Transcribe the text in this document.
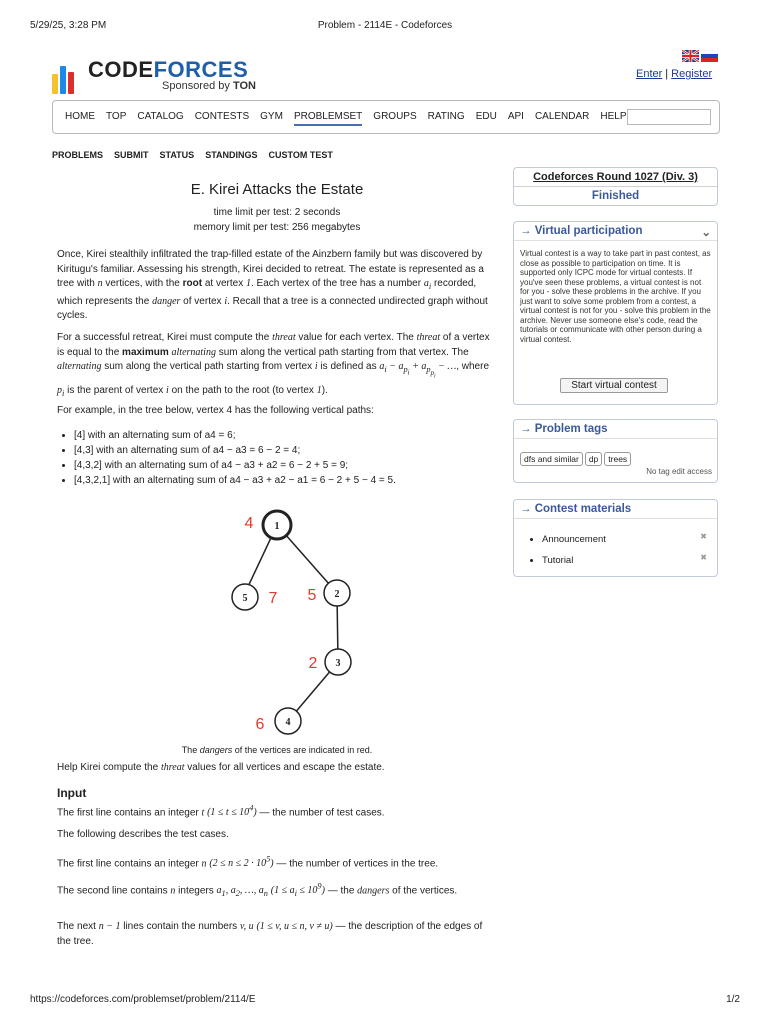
5/29/25, 3:28 PM	Problem - 2114E - Codeforces
CODEFORCES
Sponsored by TON
Enter | Register
HOME TOP CATALOG CONTESTS GYM PROBLEMSET GROUPS RATING EDU API CALENDAR HELP
PROBLEMS SUBMIT STATUS STANDINGS CUSTOM TEST
E. Kirei Attacks the Estate
time limit per test: 2 seconds
memory limit per test: 256 megabytes

Once, Kirei stealthily infiltrated the trap-filled estate of the Ainzbern family but was discovered by Kiritugu's familiar. Assessing his strength, Kirei decided to retreat. The estate is represented as a tree with n vertices, with the root at vertex 1. Each vertex of the tree has a number $a_i$ recorded, which represents the danger of vertex i. Recall that a tree is a connected undirected graph without cycles.

For a successful retreat, Kirei must compute the threat value for each vertex. The threat of a vertex is equal to the maximum alternating sum along the vertical path starting from that vertex. The alternating sum along the vertical path starting from vertex i is defined as $a_i - a_{p_i} + a_{p_{p_i}}$ − …, where $p_i$ is the parent of vertex i on the path to the root (to vertex 1).

For example, in the tree below, vertex 4 has the following vertical paths:
• [4] with an alternating sum of a4 = 6;
• [4,3] with an alternating sum of a4 − a3 = 6 − 2 = 4;
• [4,3,2] with an alternating sum of a4 − a3 + a2 = 6 − 2 + 5 = 9;
• [4,3,2,1] with an alternating sum of a4 − a3 + a2 − a1 = 6 − 2 + 5 − 4 = 5.
1
5	2
3
4
4
7 5
2
6
The dangers of the vertices are indicated in red.
Help Kirei compute the threat values for all vertices and escape the estate.
Input
The first line contains an integer t $(1 \le t \le 10^4)$ — the number of test cases.
The following describes the test cases.
The first line contains an integer n $(2 \le n \le 2 \cdot 10^5)$ — the number of vertices in the tree.
The second line contains n integers $a_1$, $a_2$, …, $a_n$ $(1 \le a_i \le 10^9)$ — the dangers of the vertices.
The next n − 1 lines contain the numbers v, u (1 ≤ v, u ≤ n, v ≠ u) — the description of the edges of the tree.
Codeforces Round 1027 (Div. 3)
Finished
→ Virtual participation	⌄
Virtual contest is a way to take part in past contest, as close as possible to participation on time. It is supported only ICPC mode for virtual contests. If you've seen these problems, a virtual contest is not for you - solve these problems in the archive. If you just want to solve some problem from a contest, a virtual contest is not for you - solve this problem in the archive. Never use someone else's code, read the tutorials or communicate with other person during a virtual contest.
Start virtual contest
→ Problem tags
dfs and similar dp trees
No tag edit access
→ Contest materials
• Announcement
• Tutorial
✖
✖
https://codeforces.com/problemset/problem/2114/E	1/2
